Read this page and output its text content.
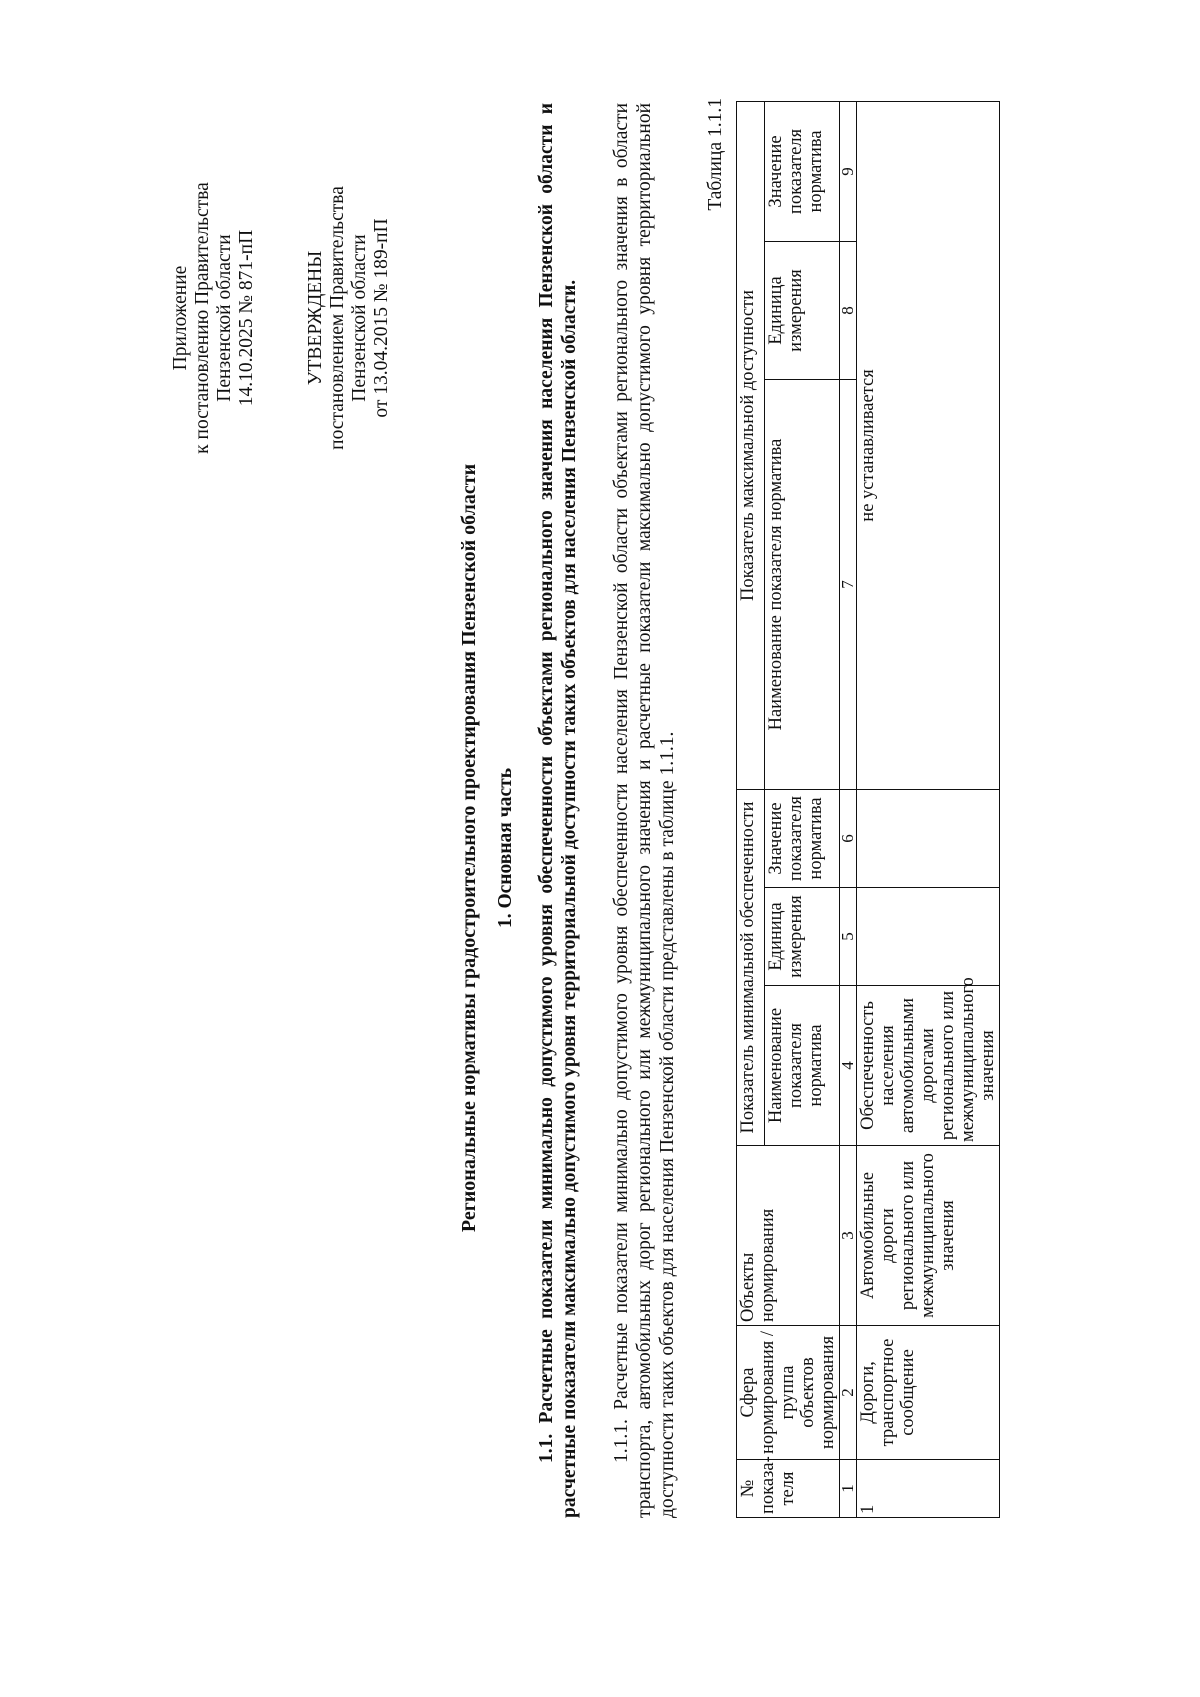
Приложение к постановлению Правительства Пензенской области 14.10.2025 № 871-пП УТВЕРЖДЕНЫ постановлением Правительства Пензенской области от 13.04.2015 № 189-пП
Региональные нормативы градостроительного проектирования Пензенской области 1. Основная часть 1.1. Расчетные показатели минимально допустимого уровня обеспеченности объектами регионального значения населения Пензенской области и расчетные показатели максимально допустимого уровня территориальной доступности таких объектов для населения Пензенской области. 1.1.1. Расчетные показатели минимально допустимого уровня обеспеченности населения Пензенской области объектами регионального значения в области транспорта, автомобильных дорог регионального или межмуниципального значения и расчетные показатели максимально допустимого уровня территориальной доступности таких объектов для населения Пензенской области представлены в таблице 1.1.1.
Таблица 1.1.1
№ показа-теля	Сфера нормирования / группа объектов нормирования	Объекты нормирования	Показатель минимальной обеспеченности			Показатель максимальной доступности		
			Наименование показателя норматива	Единица измерения	Значение показателя норматива	Наименование показателя норматива	Единица измерения	Значение показателя норматива
1	2	3	4	5	6	7	8	9
1	Дороги, транспортное сообщение	Автомобильные дороги регионального или межмуниципального значения	Обеспеченность населения автомобильными дорогами регионального или межмуниципального значения			не устанавливается		
